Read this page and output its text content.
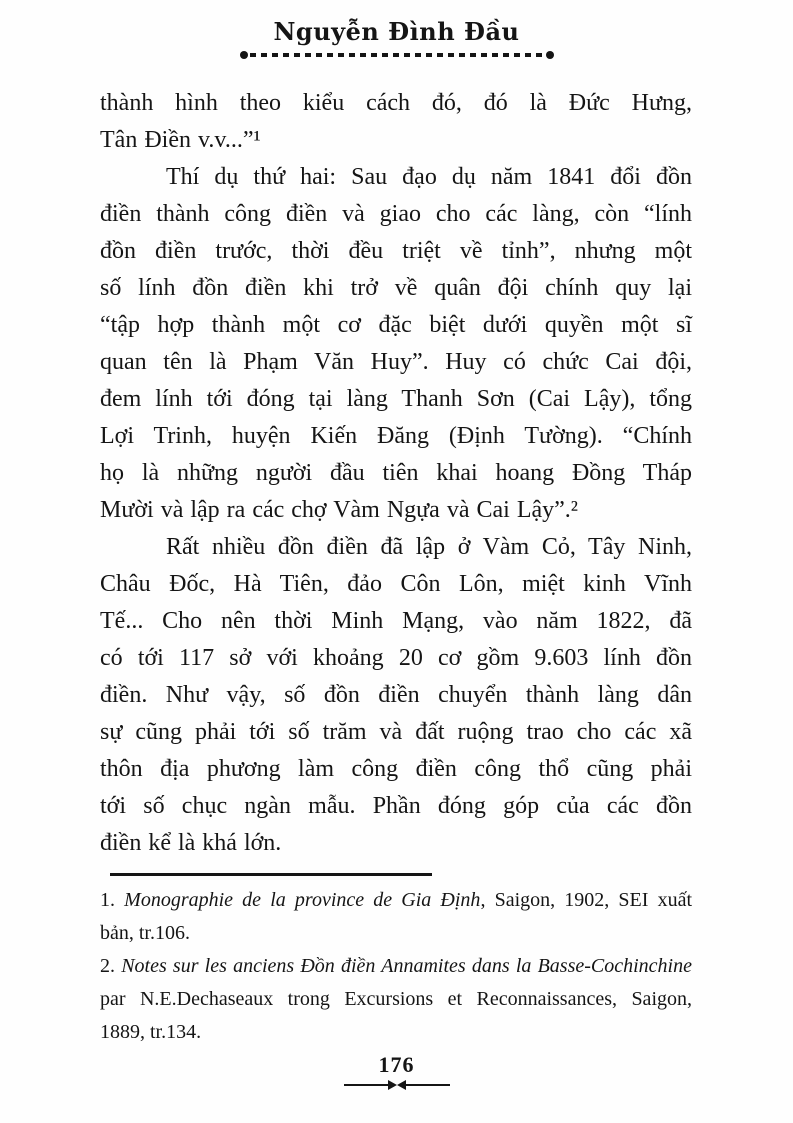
Nguyễn Đình Đầu
thành hình theo kiểu cách đó, đó là Đức Hưng,
Tân Điền v.v...”¹
Thí dụ thứ hai: Sau đạo dụ năm 1841 đổi đồn
điền thành công điền và giao cho các làng, còn “lính
đồn điền trước, thời đều triệt về tỉnh”, nhưng một
số lính đồn điền khi trở về quân đội chính quy lại
“tập hợp thành một cơ đặc biệt dưới quyền một sĩ
quan tên là Phạm Văn Huy”. Huy có chức Cai đội,
đem lính tới đóng tại làng Thanh Sơn (Cai Lậy), tổng
Lợi Trinh, huyện Kiến Đăng (Định Tường). “Chính
họ là những người đầu tiên khai hoang Đồng Tháp
Mười và lập ra các chợ Vàm Ngựa và Cai Lậy”.²
Rất nhiều đồn điền đã lập ở Vàm Cỏ, Tây Ninh,
Châu Đốc, Hà Tiên, đảo Côn Lôn, miệt kinh Vĩnh
Tế... Cho nên thời Minh Mạng, vào năm 1822, đã
có tới 117 sở với khoảng 20 cơ gồm 9.603 lính đồn
điền. Như vậy, số đồn điền chuyển thành làng dân
sự cũng phải tới số trăm và đất ruộng trao cho các xã
thôn địa phương làm công điền công thổ cũng phải
tới số chục ngàn mẫu. Phần đóng góp của các đồn
điền kể là khá lớn.
1. Monographie de la province de Gia Định, Saigon, 1902, SEI xuất
bản, tr.106.
2. Notes sur les anciens Đồn điền Annamites dans la Basse-Cochinchine
par N.E.Dechaseaux trong Excursions et Reconnaissances, Saigon,
1889, tr.134.
176
